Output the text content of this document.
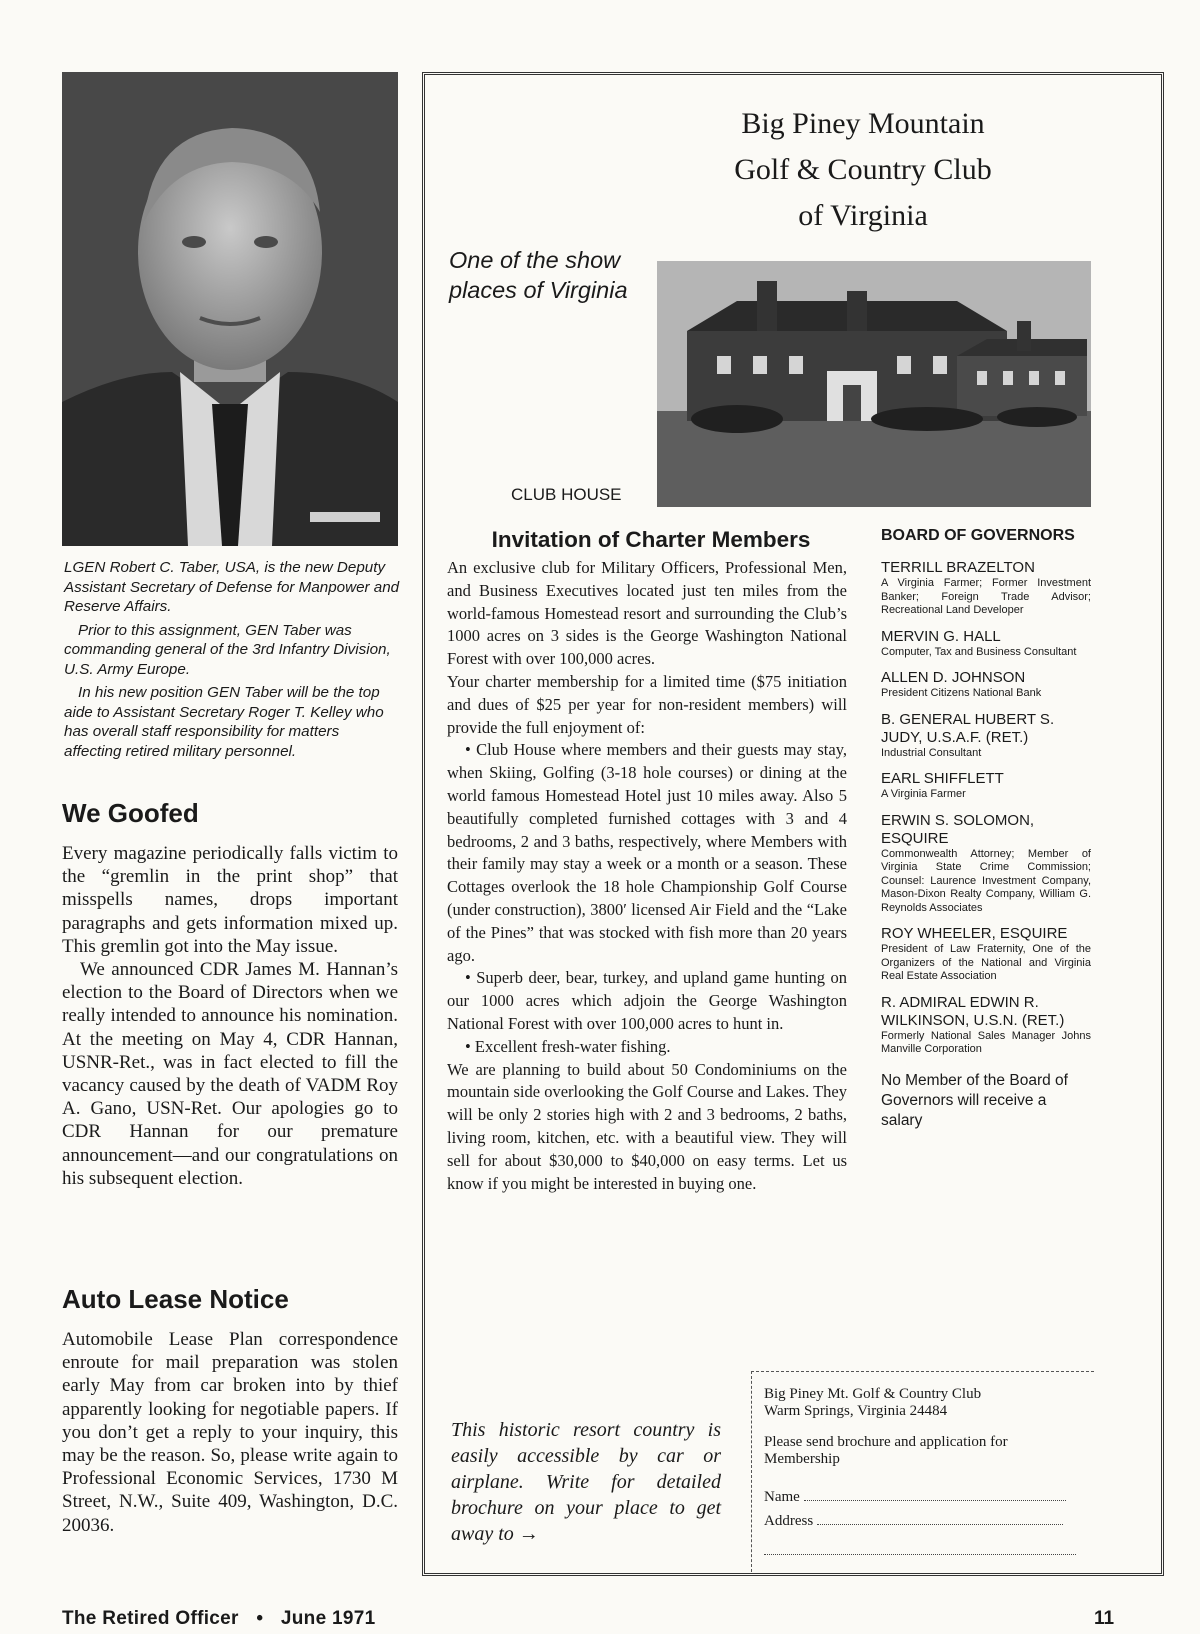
LGEN Robert C. Taber, USA, is the new Deputy Assistant Secretary of Defense for Manpower and Reserve Affairs.

Prior to this assignment, GEN Taber was commanding general of the 3rd Infantry Division, U.S. Army Europe.

In his new position GEN Taber will be the top aide to Assistant Secretary Roger T. Kelley who has overall staff responsibility for matters affecting retired military personnel.

We Goofed

Every magazine periodically falls victim to the “gremlin in the print shop” that misspells names, drops important paragraphs and gets information mixed up. This gremlin got into the May issue.

We announced CDR James M. Hannan’s election to the Board of Directors when we really intended to announce his nomination. At the meeting on May 4, CDR Hannan, USNR-Ret., was in fact elected to fill the vacancy caused by the death of VADM Roy A. Gano, USN-Ret. Our apologies go to CDR Hannan for our premature announcement—and our congratulations on his subsequent election.

Auto Lease Notice

Automobile Lease Plan correspondence enroute for mail preparation was stolen early May from car broken into by thief apparently looking for negotiable papers. If you don’t get a reply to your inquiry, this may be the reason. So, please write again to Professional Economic Services, 1730 M Street, N.W., Suite 409, Washington, D.C. 20036.

Big Piney Mountain
Golf & Country Club
of Virginia
One of the show places of Virginia
CLUB HOUSE
Invitation of Charter Members

An exclusive club for Military Officers, Professional Men, and Business Executives located just ten miles from the world-famous Homestead resort and surrounding the Club’s 1000 acres on 3 sides is the George Washington National Forest with over 100,000 acres.

Your charter membership for a limited time ($75 initiation and dues of $25 per year for non-resident members) will provide the full enjoyment of:

• Club House where members and their guests may stay, when Skiing, Golfing (3-18 hole courses) or dining at the world famous Homestead Hotel just 10 miles away. Also 5 beautifully completed furnished cottages with 3 and 4 bedrooms, 2 and 3 baths, respectively, where Members with their family may stay a week or a month or a season. These Cottages overlook the 18 hole Championship Golf Course (under construction), 3800′ licensed Air Field and the “Lake of the Pines” that was stocked with fish more than 20 years ago.

• Superb deer, bear, turkey, and upland game hunting on our 1000 acres which adjoin the George Washington National Forest with over 100,000 acres to hunt in.

• Excellent fresh-water fishing.

We are planning to build about 50 Condominiums on the mountain side overlooking the Golf Course and Lakes. They will be only 2 stories high with 2 and 3 bedrooms, 2 baths, living room, kitchen, etc. with a beautiful view. They will sell for about $30,000 to $40,000 on easy terms. Let us know if you might be interested in buying one.

BOARD OF GOVERNORS
TERRILL BRAZELTON
A Virginia Farmer; Former Investment Banker; Foreign Trade Advisor; Recreational Land Developer
MERVIN G. HALL
Computer, Tax and Business Consultant
ALLEN D. JOHNSON
President Citizens National Bank
B. GENERAL HUBERT S. JUDY, U.S.A.F. (RET.)
Industrial Consultant
EARL SHIFFLETT
A Virginia Farmer
ERWIN S. SOLOMON, ESQUIRE
Commonwealth Attorney; Member of Virginia State Crime Commission; Counsel: Laurence Investment Company, Mason-Dixon Realty Company, William G. Reynolds Associates
ROY WHEELER, ESQUIRE
President of Law Fraternity, One of the Organizers of the National and Virginia Real Estate Association
R. ADMIRAL EDWIN R. WILKINSON, U.S.N. (RET.)
Formerly National Sales Manager Johns Manville Corporation
No Member of the Board of Governors will receive a salary
This historic resort country is easily accessible by car or airplane. Write for detailed brochure on your place to get away to →
Big Piney Mt. Golf & Country Club
Warm Springs, Virginia 24484
Please send brochure and application for
Membership
Name
Address
The Retired Officer • June 1971	11
